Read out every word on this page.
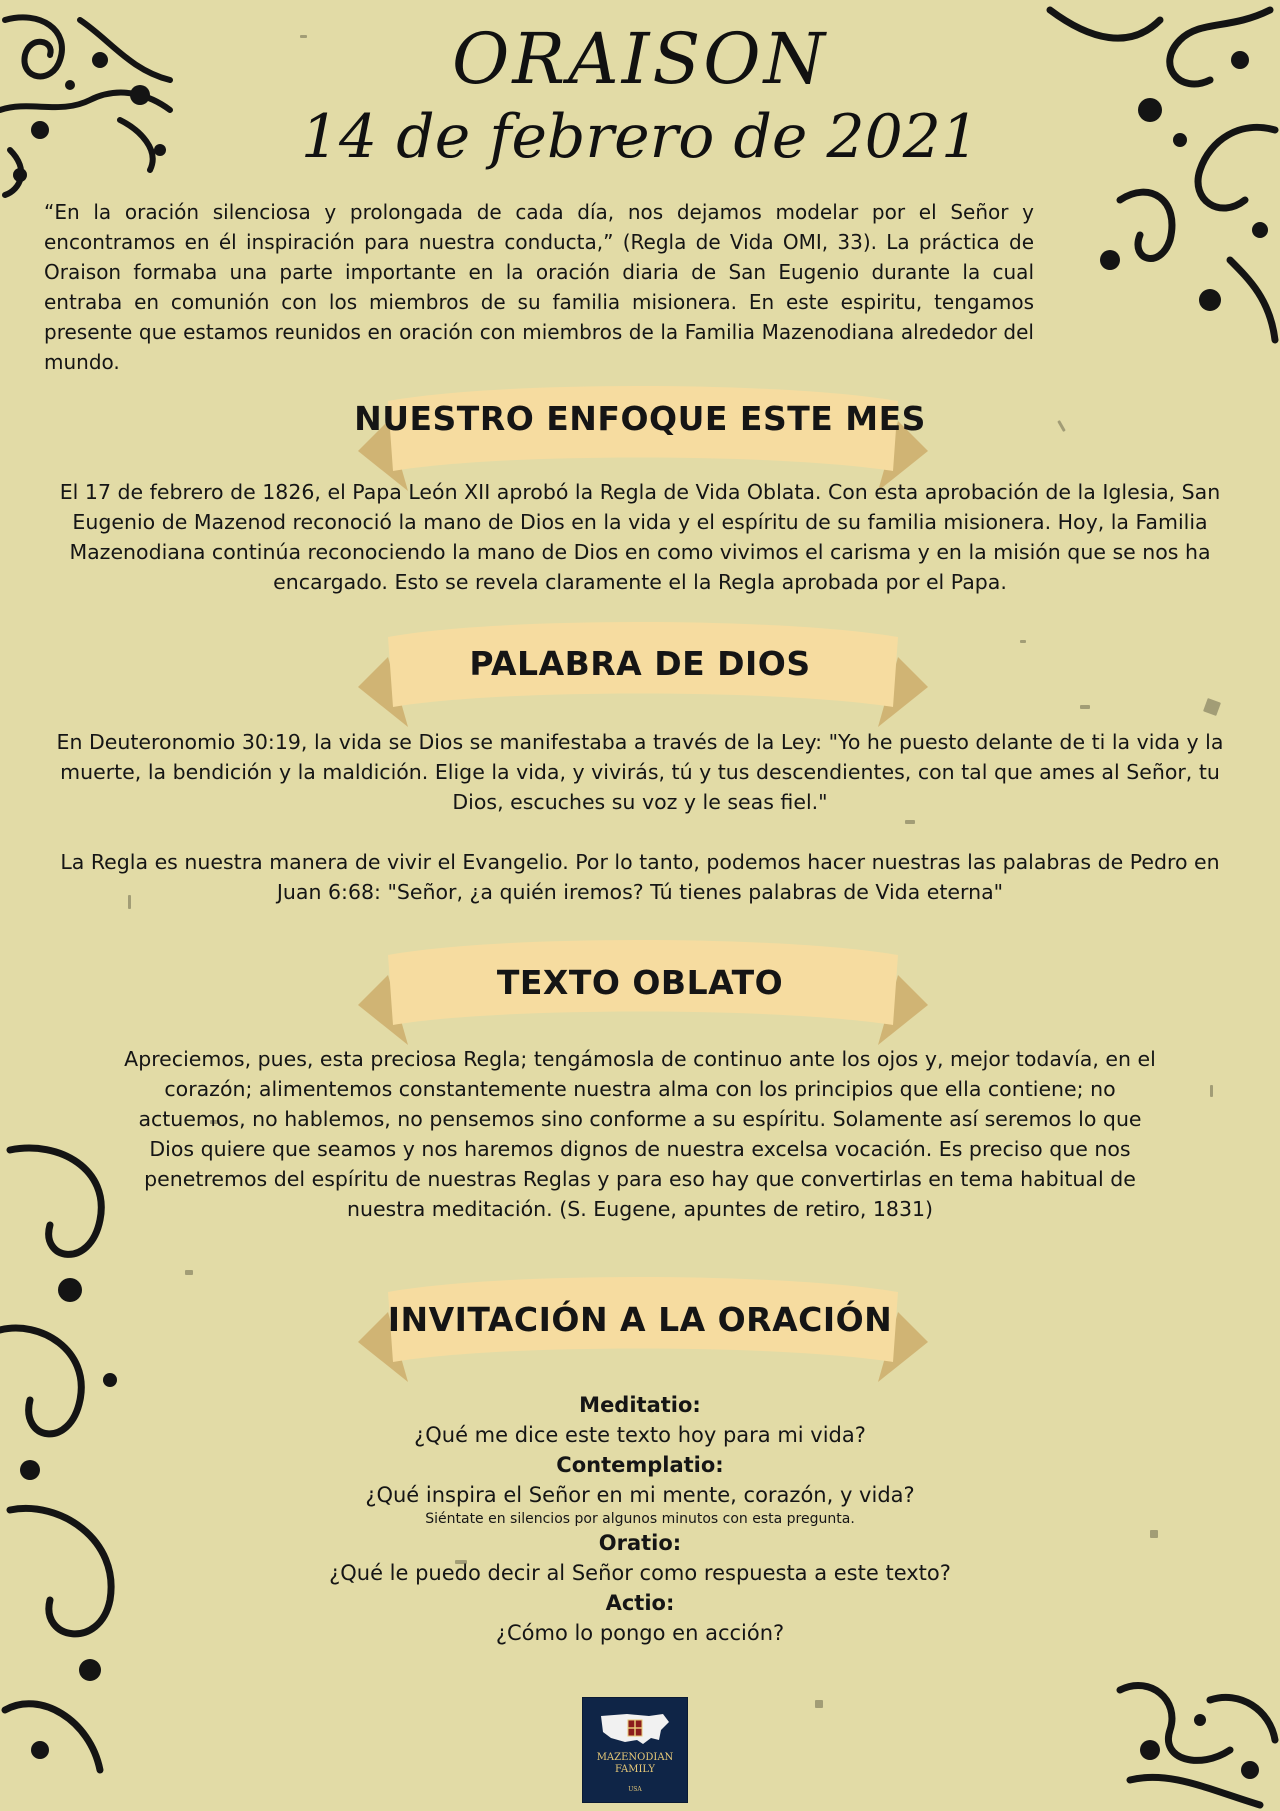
ORAISON
14 de febrero de 2021

“En la oración silenciosa y prolongada de cada día, nos dejamos modelar por el Señor y encontramos en él inspiración para nuestra conducta,” (Regla de Vida OMI, 33). La práctica de Oraison formaba una parte importante en la oración diaria de San Eugenio durante la cual entraba en comunión con los miembros de su familia misionera. En este espiritu, tengamos presente que estamos reunidos en oración con miembros de la Familia Mazenodiana alrededor del mundo.

NUESTRO ENFOQUE ESTE MES

El 17 de febrero de 1826, el Papa León XII aprobó la Regla de Vida Oblata. Con esta aprobación de la Iglesia, San Eugenio de Mazenod reconoció la mano de Dios en la vida y el espíritu de su familia misionera. Hoy, la Familia Mazenodiana continúa reconociendo la mano de Dios en como vivimos el carisma y en la misión que se nos ha encargado. Esto se revela claramente el la Regla aprobada por el Papa.

PALABRA DE DIOS

En Deuteronomio 30:19, la vida se Dios se manifestaba a través de la Ley: "Yo he puesto delante de ti la vida y la muerte, la bendición y la maldición. Elige la vida, y vivirás, tú y tus descendientes, con tal que ames al Señor, tu Dios, escuches su voz y le seas fiel."

La Regla es nuestra manera de vivir el Evangelio. Por lo tanto, podemos hacer nuestras las palabras de Pedro en Juan 6:68: "Señor, ¿a quién iremos? Tú tienes palabras de Vida eterna"

TEXTO OBLATO

Apreciemos, pues, esta preciosa Regla; tengámosla de continuo ante los ojos y, mejor todavía, en el corazón; alimentemos constantemente nuestra alma con los principios que ella contiene; no actuemos, no hablemos, no pensemos sino conforme a su espíritu. Solamente así seremos lo que Dios quiere que seamos y nos haremos dignos de nuestra excelsa vocación. Es preciso que nos penetremos del espíritu de nuestras Reglas y para eso hay que convertirlas en tema habitual de nuestra meditación. (S. Eugene, apuntes de retiro, 1831)

INVITACIÓN A LA ORACIÓN
Meditatio:
¿Qué me dice este texto hoy para mi vida?
Contemplatio:
¿Qué inspira el Señor en mi mente, corazón, y vida?
Siéntate en silencios por algunos minutos con esta pregunta.
Oratio:
¿Qué le puedo decir al Señor como respuesta a este texto?
Actio:
¿Cómo lo pongo en acción?
MAZENODIAN
FAMILY
USA
